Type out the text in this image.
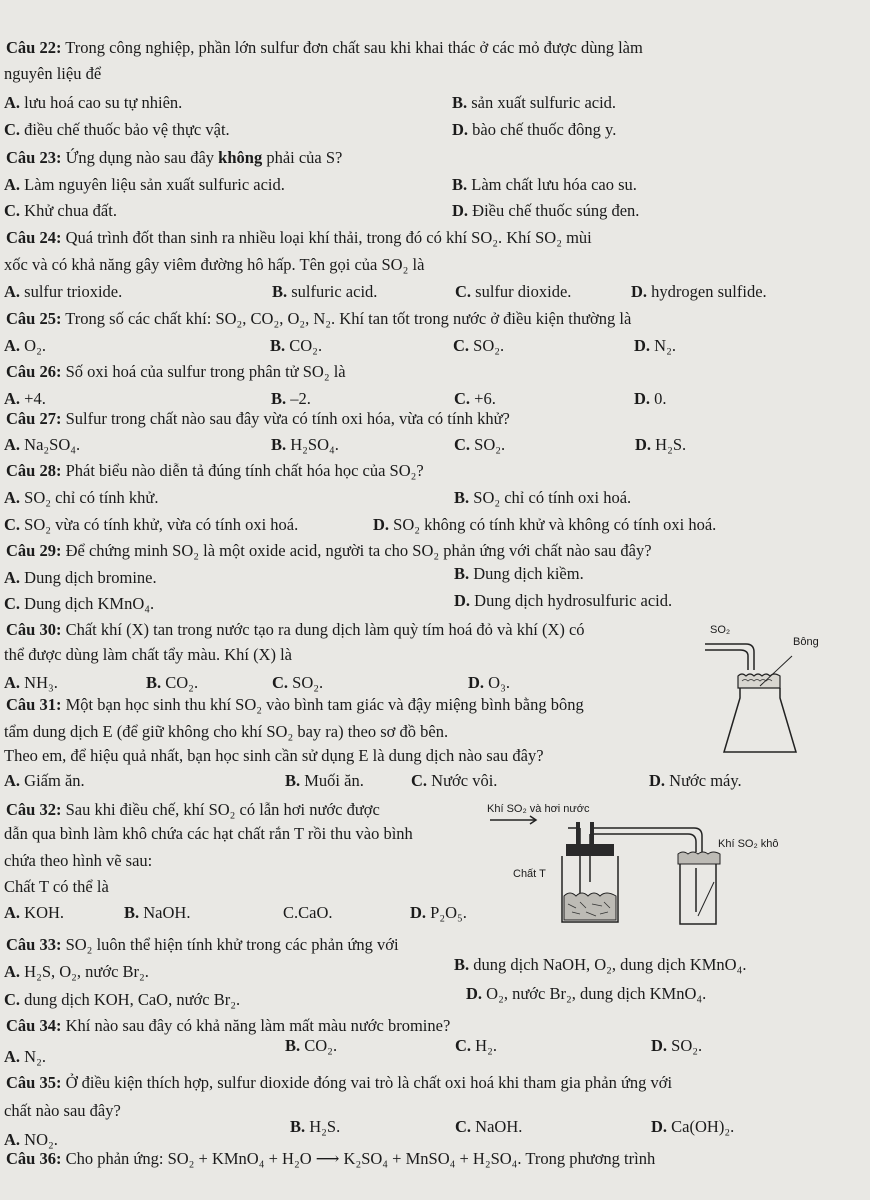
Câu 22: Trong công nghiệp, phần lớn sulfur đơn chất sau khi khai thác ở các mỏ được dùng làm
nguyên liệu để
A. lưu hoá cao su tự nhiên.	B. sản xuất sulfuric acid.
C. điều chế thuốc bảo vệ thực vật.	D. bào chế thuốc đông y.
Câu 23: Ứng dụng nào sau đây không phải của S?
A. Làm nguyên liệu sản xuất sulfuric acid.	B. Làm chất lưu hóa cao su.
C. Khử chua đất.	D. Điều chế thuốc súng đen.
Câu 24: Quá trình đốt than sinh ra nhiều loại khí thải, trong đó có khí SO₂. Khí SO₂ mùi
xốc và có khả năng gây viêm đường hô hấp. Tên gọi của SO₂ là
A. sulfur trioxide.	B. sulfuric acid.	C. sulfur dioxide.	D. hydrogen sulfide.
Câu 25: Trong số các chất khí: SO₂, CO₂, O₂, N₂. Khí tan tốt trong nước ở điều kiện thường là
A. O₂.	B. CO₂.	C. SO₂.	D. N₂.
Câu 26: Số oxi hoá của sulfur trong phân tử SO₂ là
A. +4.	B. –2.	C. +6.	D. 0.
Câu 27: Sulfur trong chất nào sau đây vừa có tính oxi hóa, vừa có tính khử?
A. Na₂SO₄.	B. H₂SO₄.	C. SO₂.	D. H₂S.
Câu 28: Phát biểu nào diễn tả đúng tính chất hóa học của SO₂?
A. SO₂ chỉ có tính khử.	B. SO₂ chỉ có tính oxi hoá.
C. SO₂ vừa có tính khử, vừa có tính oxi hoá.	D. SO₂ không có tính khử và không có tính oxi hoá.
Câu 29: Để chứng minh SO₂ là một oxide acid, người ta cho SO₂ phản ứng với chất nào sau đây?
A. Dung dịch bromine.	B. Dung dịch kiềm.
C. Dung dịch KMnO₄.	D. Dung dịch hydrosulfuric acid.
Câu 30: Chất khí (X) tan trong nước tạo ra dung dịch làm quỳ tím hoá đỏ và khí (X) có
thể được dùng làm chất tẩy màu. Khí (X) là
A. NH₃.	B. CO₂.	C. SO₂.	D. O₃.
SO₂
Bông
Câu 31: Một bạn học sinh thu khí SO₂ vào bình tam giác và đậy miệng bình bằng bông
tẩm dung dịch E (để giữ không cho khí SO₂ bay ra) theo sơ đồ bên.
Theo em, để hiệu quả nhất, bạn học sinh cần sử dụng E là dung dịch nào sau đây?
A. Giấm ăn.	B. Muối ăn.	C. Nước vôi.	D. Nước máy.
Câu 32: Sau khi điều chế, khí SO₂ có lẫn hơi nước được
dẫn qua bình làm khô chứa các hạt chất rắn T rồi thu vào bình
chứa theo hình vẽ sau:
Chất T có thể là
A. KOH.	B. NaOH.	C.CaO.	D. P₂O₅.
Khí SO₂ và hơi nước
Khí SO₂ khô
Chất T
Câu 33: SO₂ luôn thể hiện tính khử trong các phản ứng với
A. H₂S, O₂, nước Br₂.	B. dung dịch NaOH, O₂, dung dịch KMnO₄.
C. dung dịch KOH, CaO, nước Br₂.	D. O₂, nước Br₂, dung dịch KMnO₄.
Câu 34: Khí nào sau đây có khả năng làm mất màu nước bromine?
A. N₂.
B. CO₂.	C. H₂.	D. SO₂.
Câu 35: Ở điều kiện thích hợp, sulfur dioxide đóng vai trò là chất oxi hoá khi tham gia phản ứng với
chất nào sau đây?
A. NO₂.
B. H₂S.	C. NaOH.	D. Ca(OH)₂.
Câu 36: Cho phản ứng: SO₂ + KMnO₄ + H₂O ⟶ K₂SO₄ + MnSO₄ + H₂SO₄. Trong phương trình
